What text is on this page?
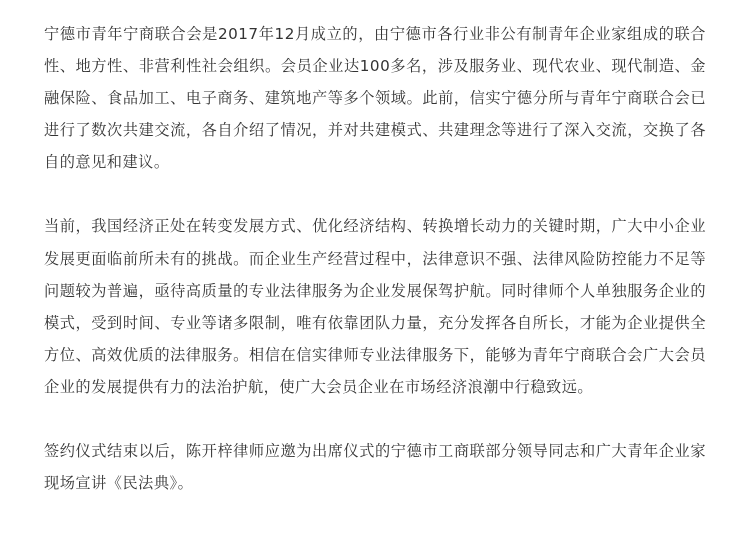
宁德市青年宁商联合会是2017年12月成立的，由宁德市各行业非公有制青年企业家组成的联合性、地方性、非营利性社会组织。会员企业达100多名，涉及服务业、现代农业、现代制造、金融保险、食品加工、电子商务、建筑地产等多个领域。此前，信实宁德分所与青年宁商联合会已进行了数次共建交流，各自介绍了情况，并对共建模式、共建理念等进行了深入交流，交换了各自的意见和建议。

当前，我国经济正处在转变发展方式、优化经济结构、转换增长动力的关键时期，广大中小企业发展更面临前所未有的挑战。而企业生产经营过程中，法律意识不强、法律风险防控能力不足等问题较为普遍，亟待高质量的专业法律服务为企业发展保驾护航。同时律师个人单独服务企业的模式，受到时间、专业等诸多限制，唯有依靠团队力量，充分发挥各自所长，才能为企业提供全方位、高效优质的法律服务。相信在信实律师专业法律服务下，能够为青年宁商联合会广大会员企业的发展提供有力的法治护航，使广大会员企业在市场经济浪潮中行稳致远。

签约仪式结束以后，陈开梓律师应邀为出席仪式的宁德市工商联部分领导同志和广大青年企业家现场宣讲《民法典》。
